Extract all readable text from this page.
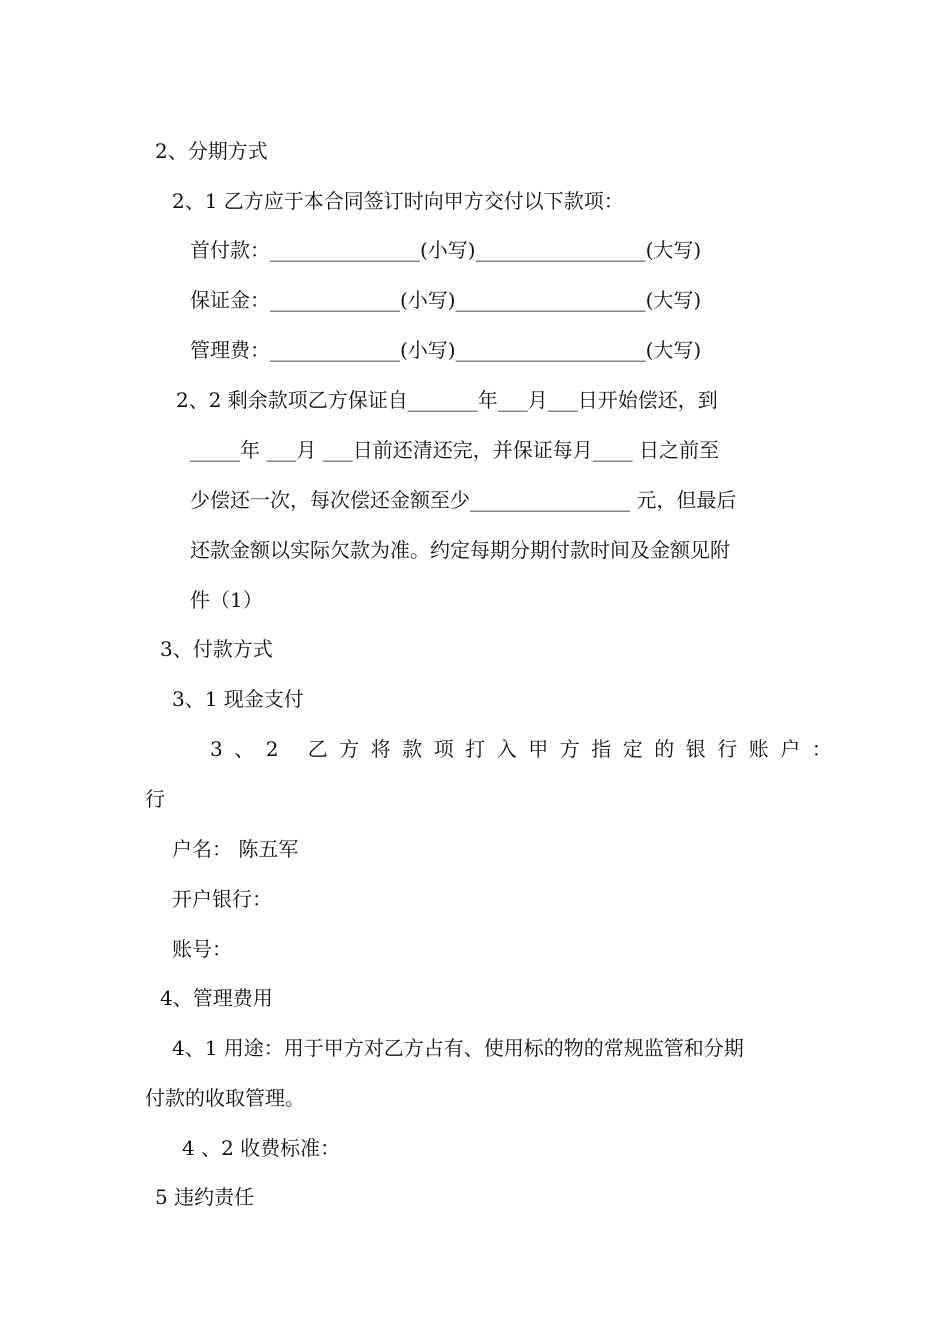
2、分期方式
2、1 乙方应于本合同签订时向甲方交付以下款项：
首付款：_______________(小写)_________________(大写)
保证金：_____________(小写)___________________(大写)
管理费：_____________(小写)___________________(大写)
2、2 剩余款项乙方保证自_______年___月___日开始偿还，到
_____年 ___月 ___日前还清还完，并保证每月____ 日之前至
少偿还一次，每次偿还金额至少________________ 元，但最后
还款金额以实际欠款为准。约定每期分期付款时间及金额见附
件（1）
3、付款方式
3、1 现金支付
3、2 乙方将款项打入甲方指定的银行账户：
行
户名： 陈五军
开户银行：
账号：
4、管理费用
4、1 用途：用于甲方对乙方占有、使用标的物的常规监管和分期
付款的收取管理。
4 、2 收费标准：
5 违约责任
